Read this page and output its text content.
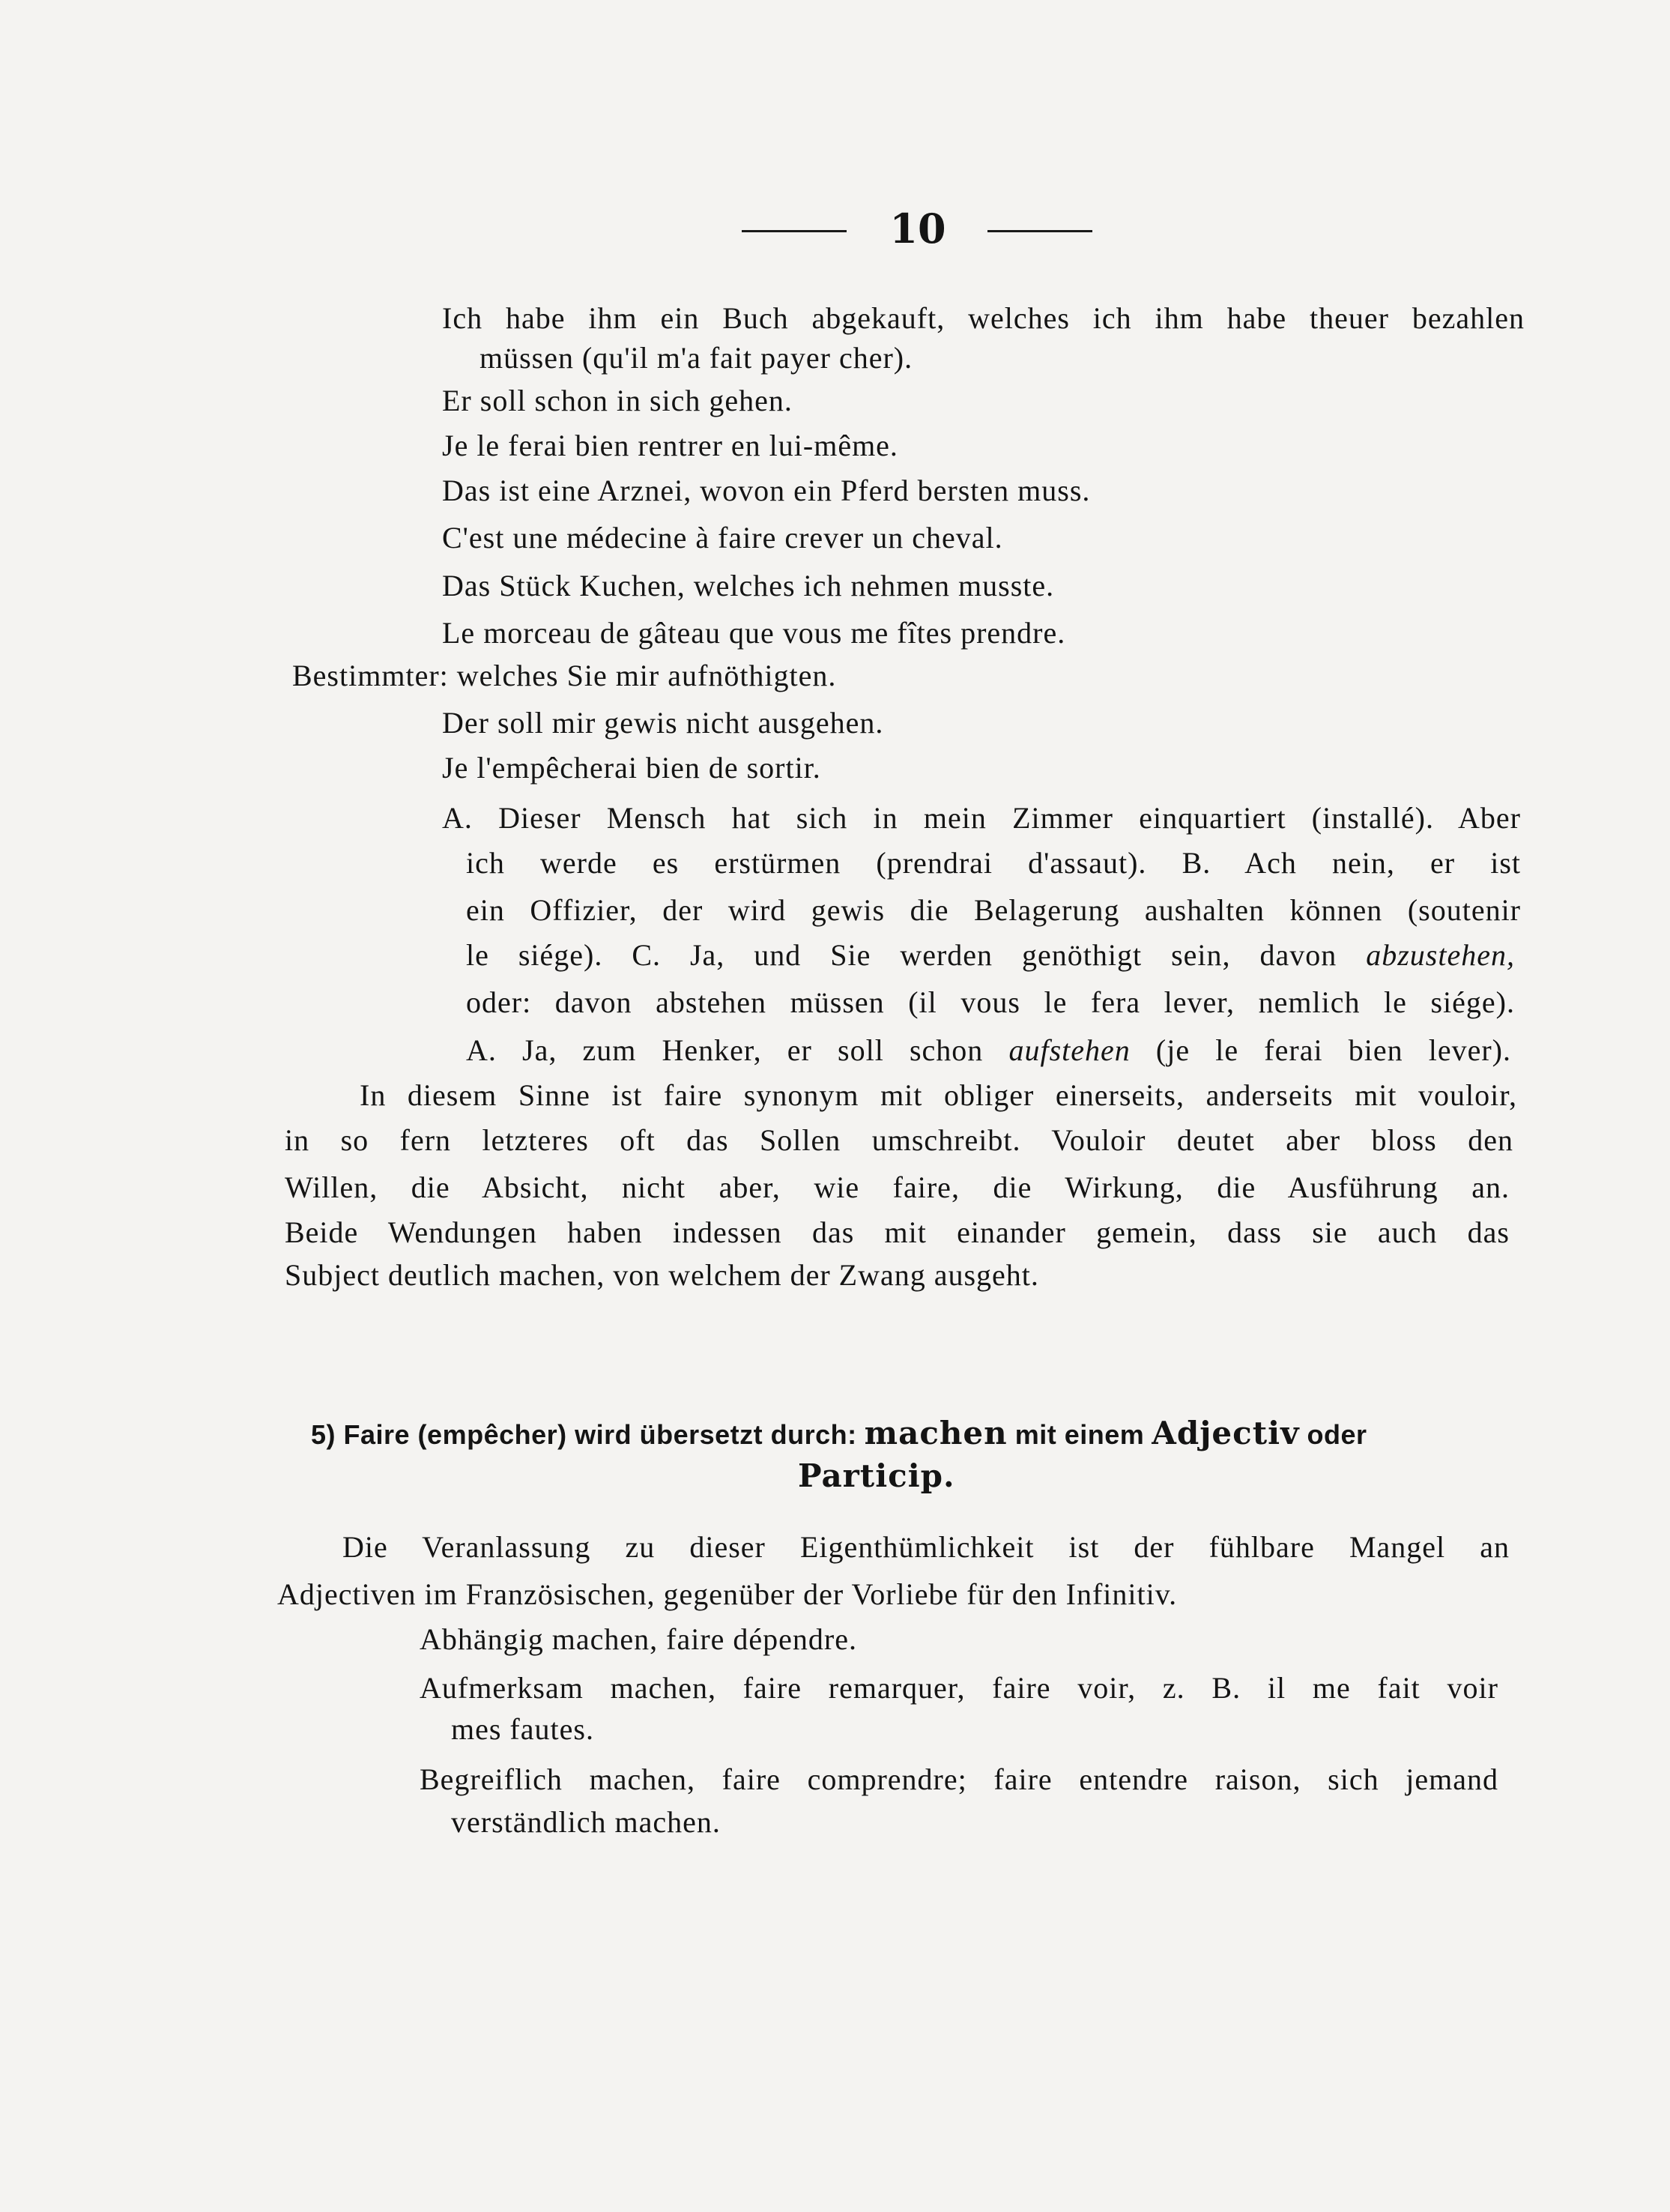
10
Ich habe ihm ein Buch abgekauft, welches ich ihm habe theuer bezahlen
müssen (qu'il m'a fait payer cher).
Er soll schon in sich gehen.
Je le ferai bien rentrer en lui-même.
Das ist eine Arznei, wovon ein Pferd bersten muss.
C'est une médecine à faire crever un cheval.
Das Stück Kuchen, welches ich nehmen musste.
Le morceau de gâteau que vous me fîtes prendre.
Bestimmter: welches Sie mir aufnöthigten.
Der soll mir gewis nicht ausgehen.
Je l'empêcherai bien de sortir.
A. Dieser Mensch hat sich in mein Zimmer einquartiert (installé). Aber
ich werde es erstürmen (prendrai d'assaut). B. Ach nein, er ist
ein Offizier, der wird gewis die Belagerung aushalten können (soutenir
le siége). C. Ja, und Sie werden genöthigt sein, davon abzustehen,
oder: davon abstehen müssen (il vous le fera lever, nemlich le siége).
A. Ja, zum Henker, er soll schon aufstehen (je le ferai bien lever).
In diesem Sinne ist faire synonym mit obliger einerseits, anderseits mit vouloir,
in so fern letzteres oft das Sollen umschreibt. Vouloir deutet aber bloss den
Willen, die Absicht, nicht aber, wie faire, die Wirkung, die Ausführung an.
Beide Wendungen haben indessen das mit einander gemein, dass sie auch das
Subject deutlich machen, von welchem der Zwang ausgeht.
5) Faire (empêcher) wird übersetzt durch: machen mit einem Adjectiv oder
Particip.
Die Veranlassung zu dieser Eigenthümlichkeit ist der fühlbare Mangel an
Adjectiven im Französischen, gegenüber der Vorliebe für den Infinitiv.
Abhängig machen, faire dépendre.
Aufmerksam machen, faire remarquer, faire voir, z. B. il me fait voir
mes fautes.
Begreiflich machen, faire comprendre; faire entendre raison, sich jemand
verständlich machen.
